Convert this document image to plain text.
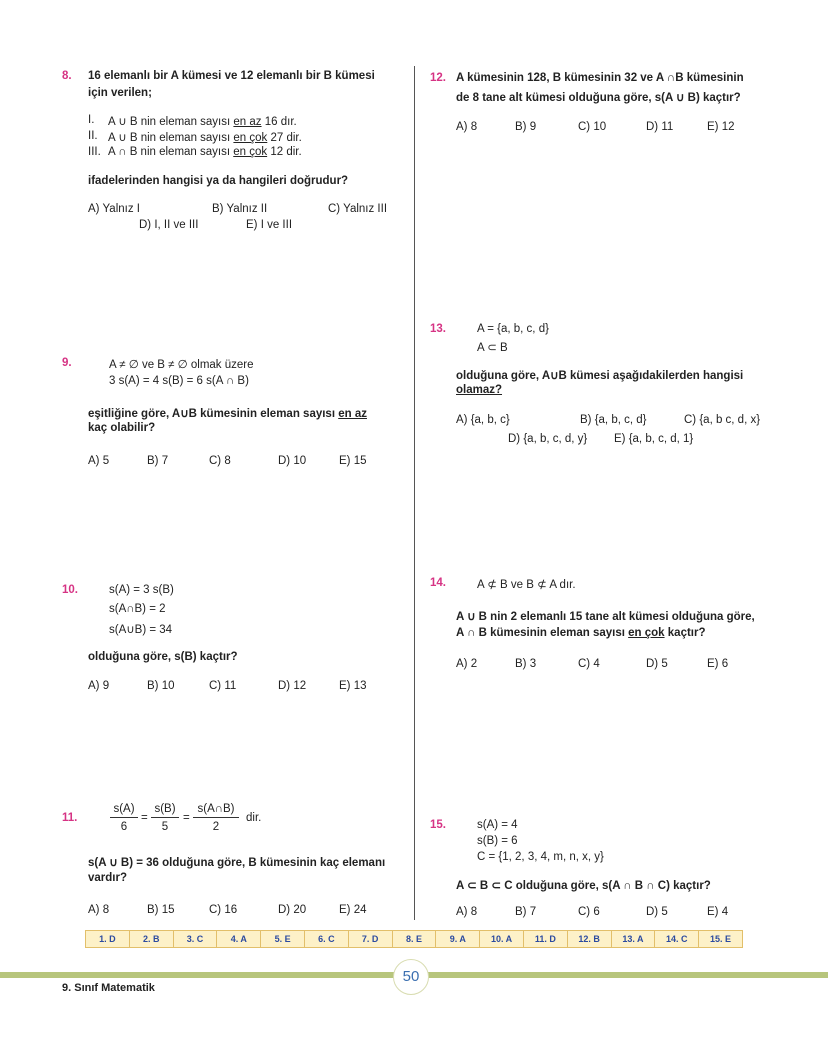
8. 16 elemanlı bir A kümesi ve 12 elemanlı bir B kümesi
için verilen;
I. A ∪ B nin eleman sayısı en az 16 dır.
II. A ∪ B nin eleman sayısı en çok 27 dir.
III. A ∩ B nin eleman sayısı en çok 12 dir.
ifadelerinden hangisi ya da hangileri doğrudur?
A) Yalnız I	B) Yalnız II	C) Yalnız III
D) I, II ve III	E) I ve III
9.	A ≠ ∅ ve B ≠ ∅ olmak üzere
3 s(A) = 4 s(B) = 6 s(A ∩ B)
eşitliğine göre, A∪B kümesinin eleman sayısı en az
kaç olabilir?
A) 5	B) 7	C) 8	D) 10	E) 15
10.	s(A) = 3 s(B)
s(A∩B) = 2
s(A∪B) = 34
olduğuna göre, s(B) kaçtır?
A) 9	B) 10	C) 11	D) 12	E) 13
11.	$\frac{s(A)}{6} = \frac{s(B)}{5} = \frac{s(A\cap B)}{2}$ dir.
s(A ∪ B) = 36 olduğuna göre, B kümesinin kaç elemanı
vardır?
A) 8	B) 15	C) 16	D) 20	E) 24
12. A kümesinin 128, B kümesinin 32 ve A ∩B kümesinin
de 8 tane alt kümesi olduğuna göre, s(A ∪ B) kaçtır?
A) 8	B) 9	C) 10	D) 11	E) 12
13.	A = {a, b, c, d}
A ⊂ B
olduğuna göre, A∪B kümesi aşağıdakilerden hangisi
olamaz?
A) {a, b, c}	B) {a, b, c, d}	C) {a, b c, d, x}
D) {a, b, c, d, y} E) {a, b, c, d, 1}
14.	A ⊄ B ve B ⊄ A dır.
A ∪ B nin 2 elemanlı 15 tane alt kümesi olduğuna göre,
A ∩ B kümesinin eleman sayısı en çok kaçtır?
A) 2	B) 3	C) 4	D) 5	E) 6
15.	s(A) = 4
s(B) = 6
C = {1, 2, 3, 4, m, n, x, y}
A ⊂ B ⊂ C olduğuna göre, s(A ∩ B ∩ C) kaçtır?
A) 8	B) 7	C) 6	D) 5	E) 4
1. D	2. B	3. C	4. A	5. E	6. C	7. D	8. E	9. A	10. A	11. D	12. B	13. A	14. C	15. E
50
9. Sınıf Matematik
